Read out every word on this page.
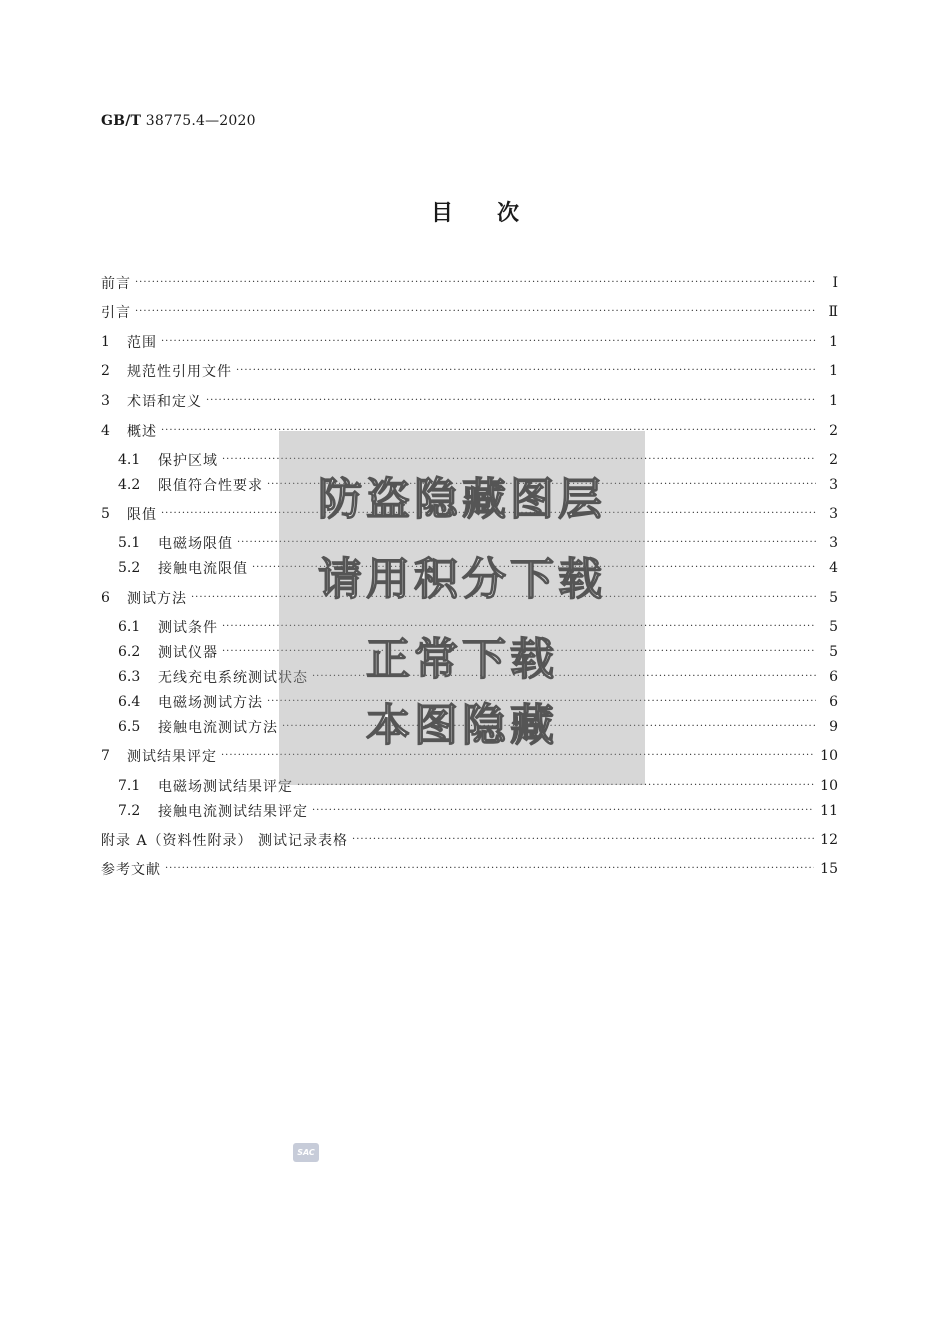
GB/T 38775.4—2020
目 次
前言 ·····	Ⅰ
引言 ·····	Ⅱ
1	范围 ·····	1
2	规范性引用文件 ·····	1
3	术语和定义 ·····	1
4	概述 ·····	2
4.1	保护区域 ·····	2
4.2	限值符合性要求 ·····	3
5	限值 ·····	3
5.1	电磁场限值 ·····	3
5.2	接触电流限值 ·····	4
6	测试方法 ·····	5
6.1	测试条件 ·····	5
6.2	测试仪器 ·····	5
6.3	无线充电系统测试状态 ·····	6
6.4	电磁场测试方法 ·····	6
6.5	接触电流测试方法 ·····	9
7	测试结果评定 ·····	10
7.1	电磁场测试结果评定 ·····	10
7.2	接触电流测试结果评定 ·····	11
附录 A（资料性附录） 测试记录表格 ·····	12
参考文献 ·····	15
防盗隐藏图层
请用积分下载
正常下载
本图隐藏
SAC
